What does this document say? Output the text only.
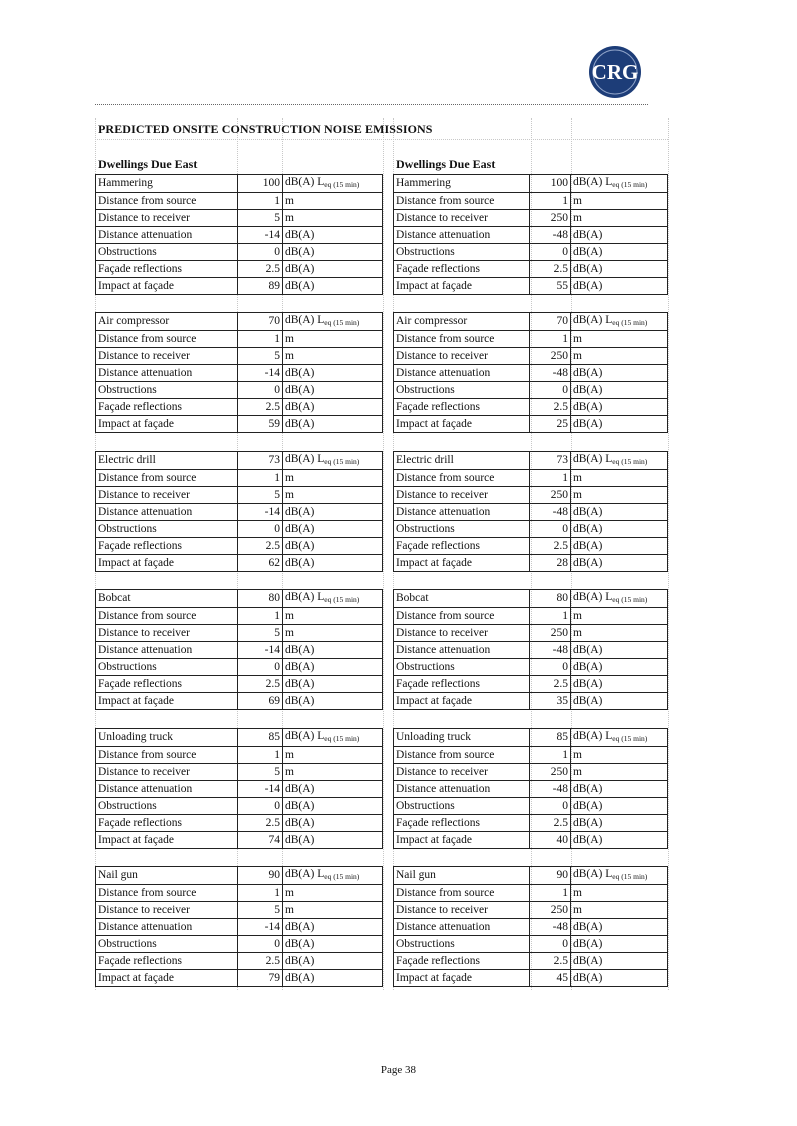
CRG
PREDICTED ONSITE CONSTRUCTION NOISE EMISSIONS
Dwellings Due East	Dwellings Due East
Hammering	100	dB(A) $L_{eq (15 min)}$
Distance from source	1	m
Distance to receiver	5	m
Distance attenuation	-14	dB(A)
Obstructions	0	dB(A)
Façade reflections	2.5	dB(A)
Impact at façade	89	dB(A)
Air compressor	70	dB(A) $L_{eq (15 min)}$
Distance from source	1	m
Distance to receiver	5	m
Distance attenuation	-14	dB(A)
Obstructions	0	dB(A)
Façade reflections	2.5	dB(A)
Impact at façade	59	dB(A)
Electric drill	73	dB(A) $L_{eq (15 min)}$
Distance from source	1	m
Distance to receiver	5	m
Distance attenuation	-14	dB(A)
Obstructions	0	dB(A)
Façade reflections	2.5	dB(A)
Impact at façade	62	dB(A)
Bobcat	80	dB(A) $L_{eq (15 min)}$
Distance from source	1	m
Distance to receiver	5	m
Distance attenuation	-14	dB(A)
Obstructions	0	dB(A)
Façade reflections	2.5	dB(A)
Impact at façade	69	dB(A)
Unloading truck	85	dB(A) $L_{eq (15 min)}$
Distance from source	1	m
Distance to receiver	5	m
Distance attenuation	-14	dB(A)
Obstructions	0	dB(A)
Façade reflections	2.5	dB(A)
Impact at façade	74	dB(A)
Nail gun	90	dB(A) $L_{eq (15 min)}$
Distance from source	1	m
Distance to receiver	5	m
Distance attenuation	-14	dB(A)
Obstructions	0	dB(A)
Façade reflections	2.5	dB(A)
Impact at façade	79	dB(A)
Hammering	100	dB(A) $L_{eq (15 min)}$
Distance from source	1	m
Distance to receiver	250	m
Distance attenuation	-48	dB(A)
Obstructions	0	dB(A)
Façade reflections	2.5	dB(A)
Impact at façade	55	dB(A)
Air compressor	70	dB(A) $L_{eq (15 min)}$
Distance from source	1	m
Distance to receiver	250	m
Distance attenuation	-48	dB(A)
Obstructions	0	dB(A)
Façade reflections	2.5	dB(A)
Impact at façade	25	dB(A)
Electric drill	73	dB(A) $L_{eq (15 min)}$
Distance from source	1	m
Distance to receiver	250	m
Distance attenuation	-48	dB(A)
Obstructions	0	dB(A)
Façade reflections	2.5	dB(A)
Impact at façade	28	dB(A)
Bobcat	80	dB(A) $L_{eq (15 min)}$
Distance from source	1	m
Distance to receiver	250	m
Distance attenuation	-48	dB(A)
Obstructions	0	dB(A)
Façade reflections	2.5	dB(A)
Impact at façade	35	dB(A)
Unloading truck	85	dB(A) $L_{eq (15 min)}$
Distance from source	1	m
Distance to receiver	250	m
Distance attenuation	-48	dB(A)
Obstructions	0	dB(A)
Façade reflections	2.5	dB(A)
Impact at façade	40	dB(A)
Nail gun	90	dB(A) $L_{eq (15 min)}$
Distance from source	1	m
Distance to receiver	250	m
Distance attenuation	-48	dB(A)
Obstructions	0	dB(A)
Façade reflections	2.5	dB(A)
Impact at façade	45	dB(A)
Page 38
